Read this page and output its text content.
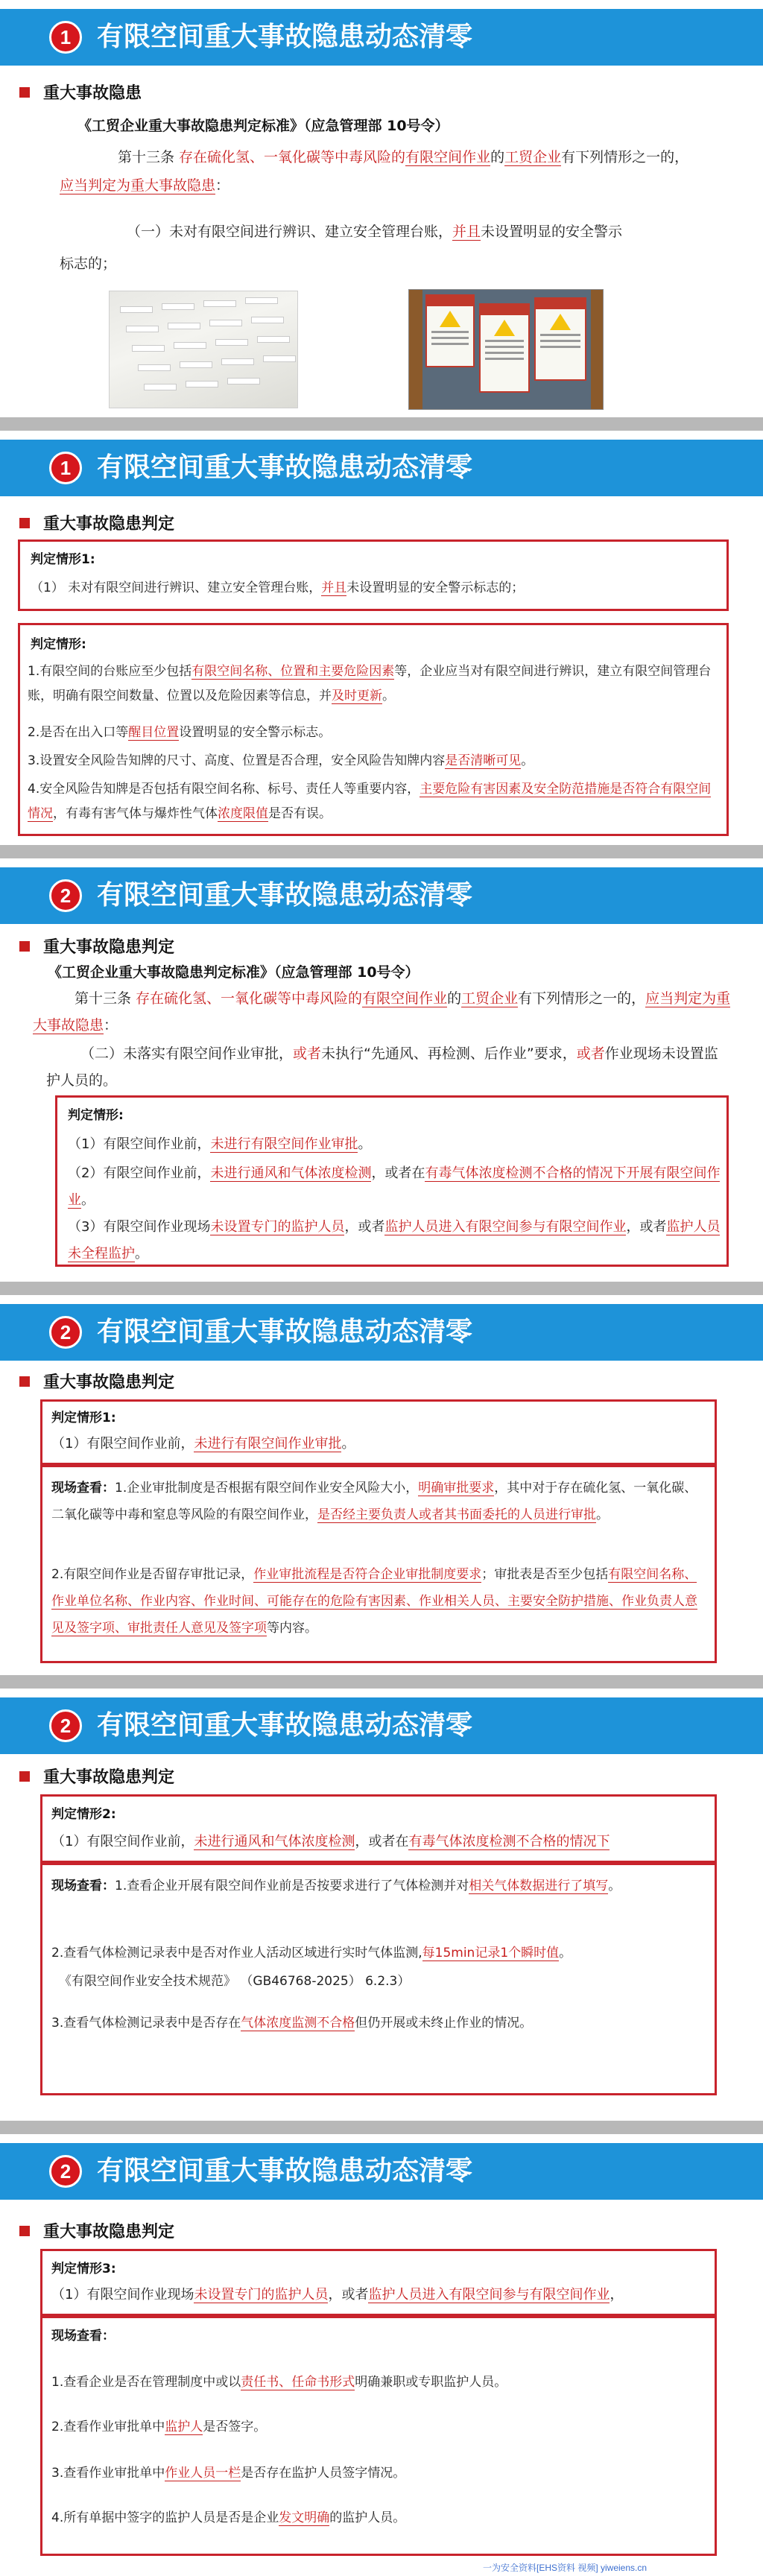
1 有限空间重大事故隐患动态清零
重大事故隐患
《工贸企业重大事故隐患判定标准》（应急管理部 10号令）
第十三条 存在硫化氢、一氧化碳等中毒风险的有限空间作业的工贸企业有下列情形之一的，应当判定为重大事故隐患：
（一）未对有限空间进行辨识、建立安全管理台账，并且未设置明显的安全警示
标志的；
1 有限空间重大事故隐患动态清零
重大事故隐患判定
判定情形1:
（1） 未对有限空间进行辨识、建立安全管理台账，并且未设置明显的安全警示标志的；
判定情形:
1.有限空间的台账应至少包括有限空间名称、位置和主要危险因素等，企业应当对有限空间进行辨识，建立有限空间管理台账，明确有限空间数量、位置以及危险因素等信息，并及时更新。
2.是否在出入口等醒目位置设置明显的安全警示标志。
3.设置安全风险告知牌的尺寸、高度、位置是否合理，安全风险告知牌内容是否清晰可见。
4.安全风险告知牌是否包括有限空间名称、标号、责任人等重要内容，主要危险有害因素及安全防范措施是否符合有限空间情况，有毒有害气体与爆炸性气体浓度限值是否有误。
2 有限空间重大事故隐患动态清零
重大事故隐患判定
《工贸企业重大事故隐患判定标准》（应急管理部 10号令）
第十三条 存在硫化氢、一氧化碳等中毒风险的有限空间作业的工贸企业有下列情形之一的，应当判定为重大事故隐患：
（二）未落实有限空间作业审批，或者未执行“先通风、再检测、后作业”要求，或者作业现场未设置监护人员的。
判定情形:
（1）有限空间作业前，未进行有限空间作业审批。
（2）有限空间作业前，未进行通风和气体浓度检测，或者在有毒气体浓度检测不合格的情况下开展有限空间作业。
（3）有限空间作业现场未设置专门的监护人员，或者监护人员进入有限空间参与有限空间作业，或者监护人员未全程监护。
2 有限空间重大事故隐患动态清零
重大事故隐患判定
判定情形1:
（1）有限空间作业前，未进行有限空间作业审批。
现场查看：1.企业审批制度是否根据有限空间作业安全风险大小，明确审批要求，其中对于存在硫化氢、一氧化碳、二氧化碳等中毒和窒息等风险的有限空间作业，是否经主要负责人或者其书面委托的人员进行审批。
2.有限空间作业是否留存审批记录，作业审批流程是否符合企业审批制度要求；审批表是否至少包括有限空间名称、作业单位名称、作业内容、作业时间、可能存在的危险有害因素、作业相关人员、主要安全防护措施、作业负责人意见及签字项、审批责任人意见及签字项等内容。
2 有限空间重大事故隐患动态清零
重大事故隐患判定
判定情形2:
（1）有限空间作业前，未进行通风和气体浓度检测，或者在有毒气体浓度检测不合格的情况下
现场查看：1.查看企业开展有限空间作业前是否按要求进行了气体检测并对相关气体数据进行了填写。
2.查看气体检测记录表中是否对作业人活动区域进行实时气体监测,每15min记录1个瞬时值。
《有限空间作业安全技术规范》 （GB46768-2025） 6.2.3）
3.查看气体检测记录表中是否存在气体浓度监测不合格但仍开展或未终止作业的情况。
2 有限空间重大事故隐患动态清零
重大事故隐患判定
判定情形3:
（1）有限空间作业现场未设置专门的监护人员，或者监护人员进入有限空间参与有限空间作业，
现场查看：
1.查看企业是否在管理制度中或以责任书、任命书形式明确兼职或专职监护人员。
2.查看作业审批单中监护人是否签字。
3.查看作业审批单中作业人员一栏是否存在监护人员签字情况。
4.所有单据中签字的监护人员是否是企业发文明确的监护人员。
一为安全资料[EHS资料 视频] yiweiens.cn
